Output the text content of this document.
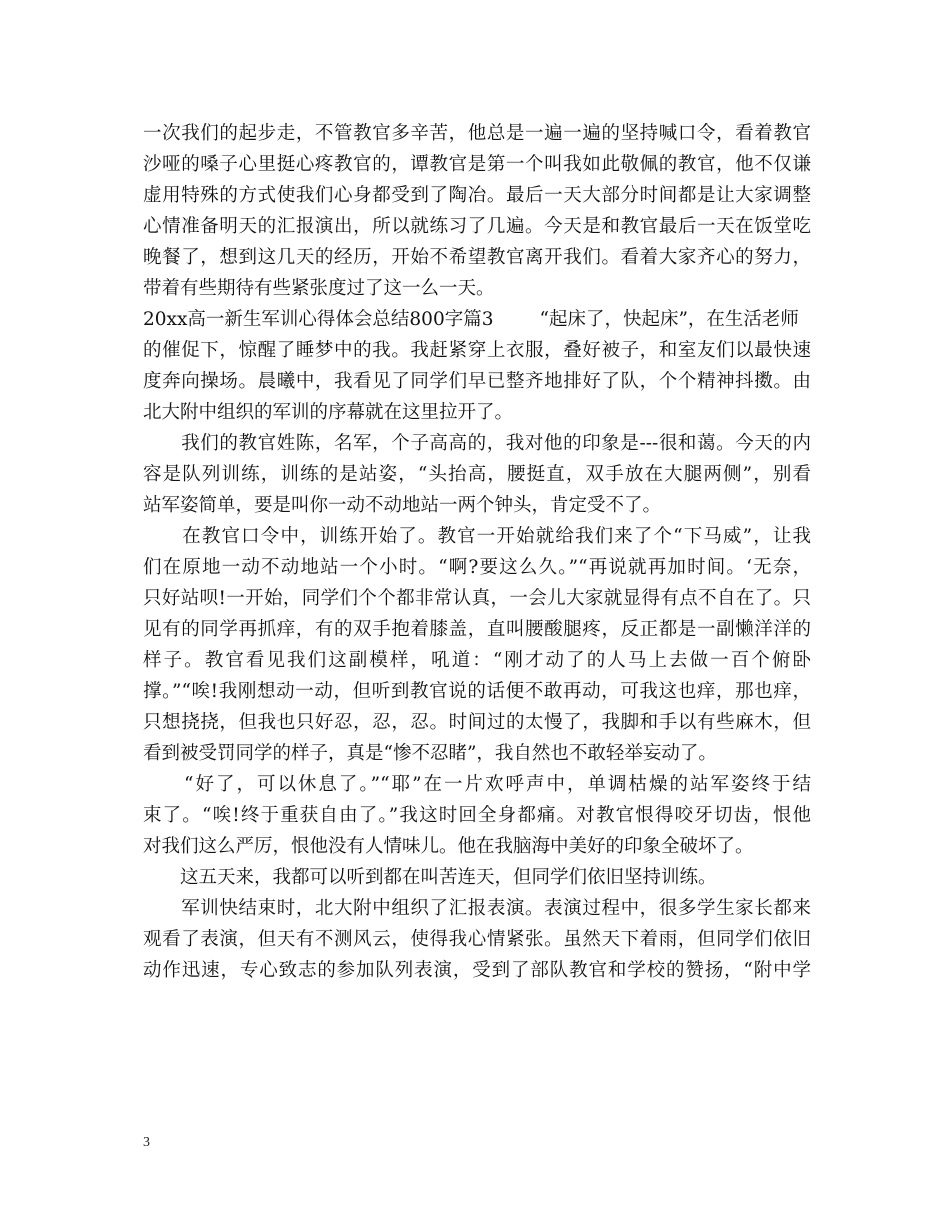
一次我们的起步走，不管教官多辛苦，他总是一遍一遍的坚持喊口令，看着教官
沙哑的嗓子心里挺心疼教官的，谭教官是第一个叫我如此敬佩的教官，他不仅谦
虚用特殊的方式使我们心身都受到了陶冶。最后一天大部分时间都是让大家调整
心情准备明天的汇报演出，所以就练习了几遍。今天是和教官最后一天在饭堂吃
晚餐了，想到这几天的经历，开始不希望教官离开我们。看着大家齐心的努力，
带着有些期待有些紧张度过了这一么一天。
20xx高一新生军训心得体会总结800字篇3 “起床了，快起床”，在生活老师
的催促下，惊醒了睡梦中的我。我赶紧穿上衣服，叠好被子，和室友们以最快速
度奔向操场。晨曦中，我看见了同学们早已整齐地排好了队，个个精神抖擞。由
北大附中组织的军训的序幕就在这里拉开了。
　　我们的教官姓陈，名军，个子高高的，我对他的印象是---很和蔼。今天的内
容是队列训练，训练的是站姿，“头抬高，腰挺直，双手放在大腿两侧”，别看
站军姿简单，要是叫你一动不动地站一两个钟头，肯定受不了。
　　在教官口令中，训练开始了。教官一开始就给我们来了个“下马威”，让我
们在原地一动不动地站一个小时。“啊?要这么久。”“再说就再加时间。‘无奈，
只好站呗!一开始，同学们个个都非常认真，一会儿大家就显得有点不自在了。只
见有的同学再抓痒，有的双手抱着膝盖，直叫腰酸腿疼，反正都是一副懒洋洋的
样子。教官看见我们这副模样，吼道：“刚才动了的人马上去做一百个俯卧
撑。”“唉!我刚想动一动，但听到教官说的话便不敢再动，可我这也痒，那也痒，
只想挠挠，但我也只好忍，忍，忍。时间过的太慢了，我脚和手以有些麻木，但
看到被受罚同学的样子，真是“惨不忍睹”，我自然也不敢轻举妄动了。
　　“好了，可以休息了。”“耶”在一片欢呼声中，单调枯燥的站军姿终于结
束了。“唉!终于重获自由了。”我这时回全身都痛。对教官恨得咬牙切齿，恨他
对我们这么严厉，恨他没有人情味儿。他在我脑海中美好的印象全破坏了。
　　这五天来，我都可以听到都在叫苦连天，但同学们依旧坚持训练。
　　军训快结束时，北大附中组织了汇报表演。表演过程中，很多学生家长都来
观看了表演，但天有不测风云，使得我心情紧张。虽然天下着雨，但同学们依旧
动作迅速，专心致志的参加队列表演，受到了部队教官和学校的赞扬，“附中学
3
